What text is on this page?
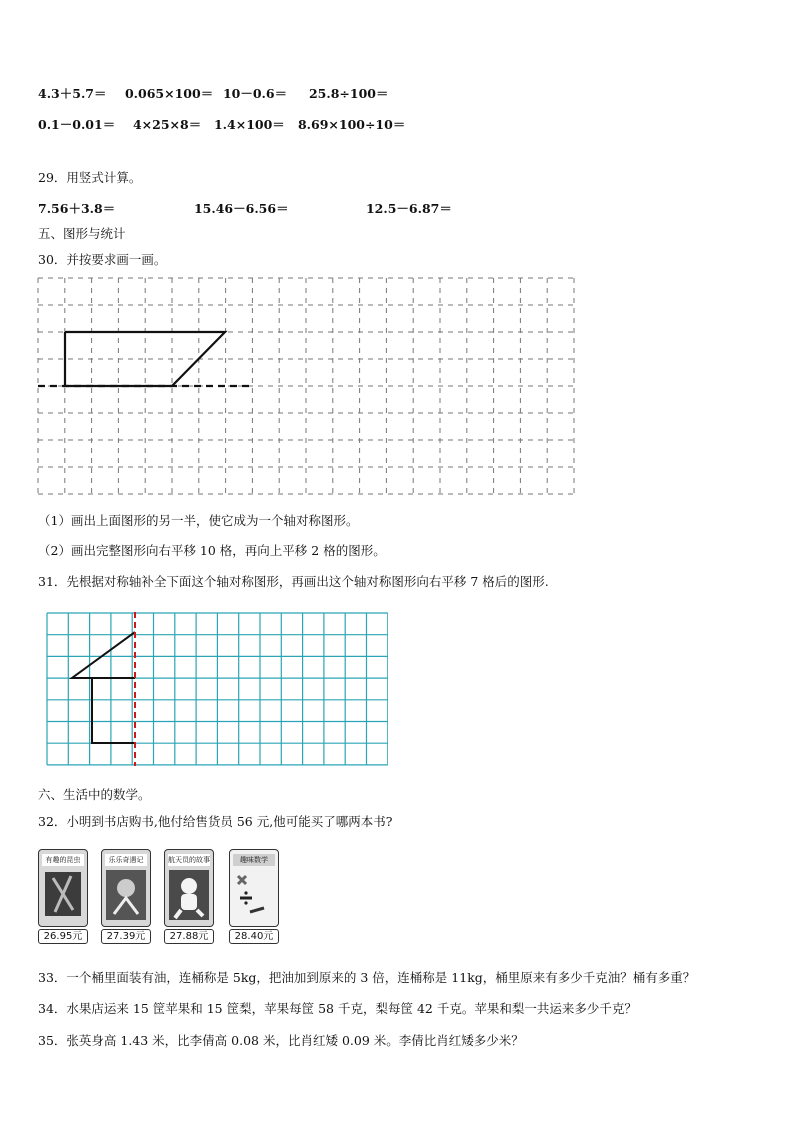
4.3＋5.7＝ 0.065×100＝ 10－0.6＝ 25.8÷100＝
0.1－0.01＝ 4×25×8＝ 1.4×100＝ 8.69×100÷10＝
29．用竖式计算。
7.56＋3.8＝	15.46－6.56＝	12.5－6.87＝
五、图形与统计
30．并按要求画一画。
（1）画出上面图形的另一半，使它成为一个轴对称图形。
（2）画出完整图形向右平移 10 格，再向上平移 2 格的图形。
31．先根据对称轴补全下面这个轴对称图形，再画出这个轴对称图形向右平移 7 格后的图形.
六、生活中的数学。
32．小明到书店购书,他付给售货员 56 元,他可能买了哪两本书?
有趣的昆虫
26.95元
乐乐奇遇记
27.39元
航天员的故事
27.88元
趣味数学
28.40元
33．一个桶里面装有油，连桶称是 5kg，把油加到原来的 3 倍，连桶称是 11kg，桶里原来有多少千克油？桶有多重？
34．水果店运来 15 筐苹果和 15 筐梨，苹果每筐 58 千克，梨每筐 42 千克。苹果和梨一共运来多少千克？
35．张英身高 1.43 米，比李倩高 0.08 米，比肖红矮 0.09 米。李倩比肖红矮多少米？
